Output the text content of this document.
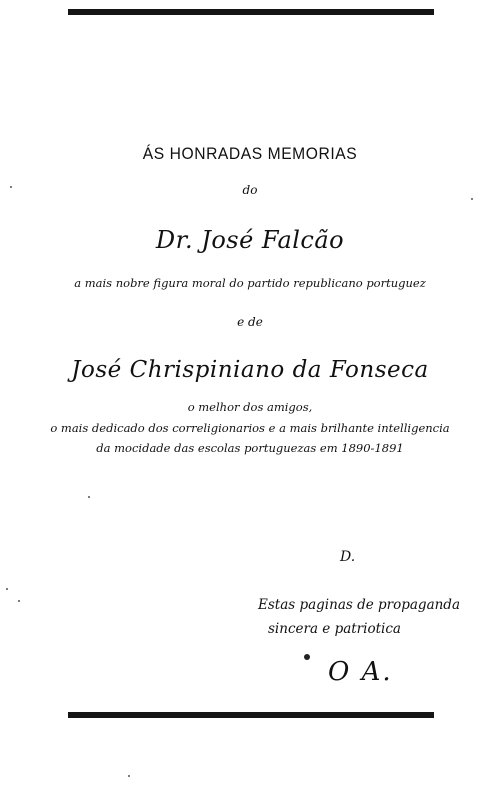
ÁS HONRADAS MEMORIAS
do
Dr. José Falcão
a mais nobre figura moral do partido republicano portuguez
e de
José Chrispiniano da Fonseca
o melhor dos amigos,
o mais dedicado dos correligionarios e a mais brilhante intelligencia
da mocidade das escolas portuguezas em 1890-1891
D.
Estas paginas de propaganda
sincera e patriotica
O A.
